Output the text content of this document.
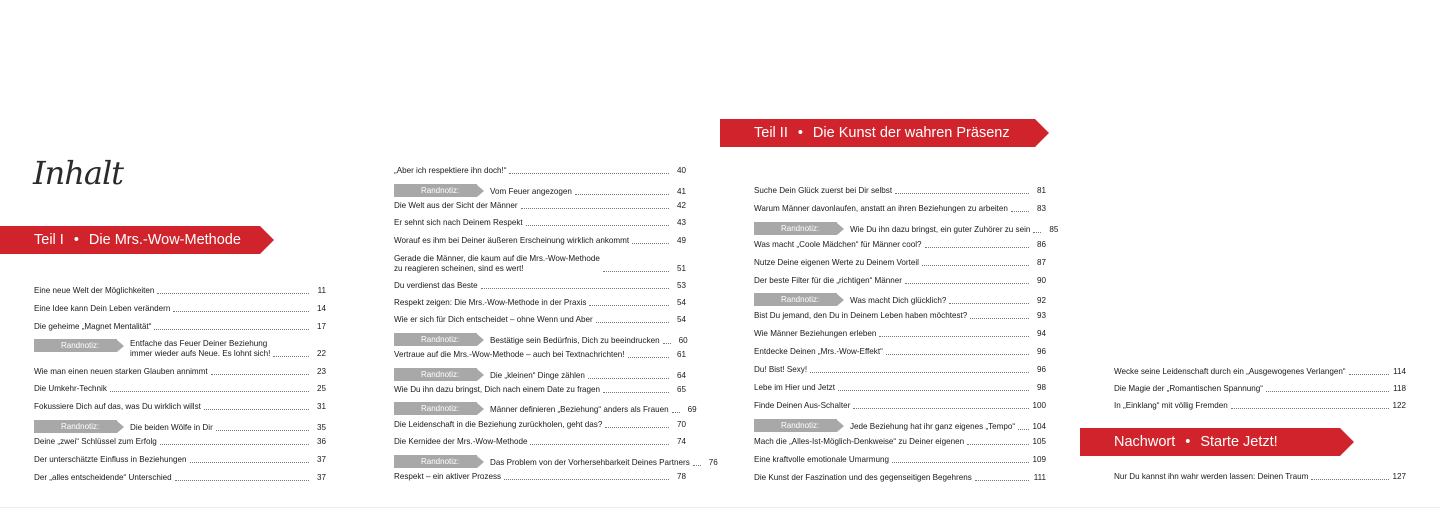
Inhalt
Teil I • Die Mrs.-Wow-Methode
Teil II • Die Kunst der wahren Präsenz
Nachwort • Starte Jetzt!
Eine neue Welt der Möglichkeiten	11
Eine Idee kann Dein Leben verändern	14
Die geheime „Magnet Mentalität“	17
Randnotiz:	Entfache das Feuer Deiner Beziehung
immer wieder aufs Neue. Es lohnt sich!	22
Wie man einen neuen starken Glauben annimmt	23
Die Umkehr-Technik	25
Fokussiere Dich auf das, was Du wirklich willst	31
Randnotiz:	Die beiden Wölfe in Dir	35
Deine „zwei“ Schlüssel zum Erfolg	36
Der unterschätzte Einfluss in Beziehungen	37
Der „alles entscheidende“ Unterschied	37
„Aber ich respektiere ihn doch!“	40
Randnotiz:	Vom Feuer angezogen	41
Die Welt aus der Sicht der Männer	42
Er sehnt sich nach Deinem Respekt	43
Worauf es ihm bei Deiner äußeren Erscheinung wirklich ankommt	49
Gerade die Männer, die kaum auf die Mrs.-Wow-Methode
zu reagieren scheinen, sind es wert!	51
Du verdienst das Beste	53
Respekt zeigen: Die Mrs.-Wow-Methode in der Praxis	54
Wie er sich für Dich entscheidet – ohne Wenn und Aber	54
Randnotiz:	Bestätige sein Bedürfnis, Dich zu beeindrucken	60
Vertraue auf die Mrs.-Wow-Methode – auch bei Textnachrichten!	61
Randnotiz:	Die „kleinen“ Dinge zählen	64
Wie Du ihn dazu bringst, Dich nach einem Date zu fragen	65
Randnotiz:	Männer definieren „Beziehung“ anders als Frauen	69
Die Leidenschaft in die Beziehung zurückholen, geht das?	70
Die Kernidee der Mrs.-Wow-Methode	74
Randnotiz:	Das Problem von der Vorhersehbarkeit Deines Partners	76
Respekt – ein aktiver Prozess	78
Suche Dein Glück zuerst bei Dir selbst	81
Warum Männer davonlaufen, anstatt an ihren Beziehungen zu arbeiten	83
Randnotiz:	Wie Du ihn dazu bringst, ein guter Zuhörer zu sein	85
Was macht „Coole Mädchen“ für Männer cool?	86
Nutze Deine eigenen Werte zu Deinem Vorteil	87
Der beste Filter für die „richtigen“ Männer	90
Randnotiz:	Was macht Dich glücklich?	92
Bist Du jemand, den Du in Deinem Leben haben möchtest?	93
Wie Männer Beziehungen erleben	94
Entdecke Deinen „Mrs.-Wow-Effekt“	96
Du! Bist! Sexy!	96
Lebe im Hier und Jetzt	98
Finde Deinen Aus-Schalter	100
Randnotiz:	Jede Beziehung hat ihr ganz eigenes „Tempo“ 104
Mach die „Alles-Ist-Möglich-Denkweise“ zu Deiner eigenen	105
Eine kraftvolle emotionale Umarmung	109
Die Kunst der Faszination und des gegenseitigen Begehrens	111
Wecke seine Leidenschaft durch ein „Ausgewogenes Verlangen“	114
Die Magie der „Romantischen Spannung“	118
In „Einklang“ mit völlig Fremden	122
Nur Du kannst ihn wahr werden lassen: Deinen Traum	127
